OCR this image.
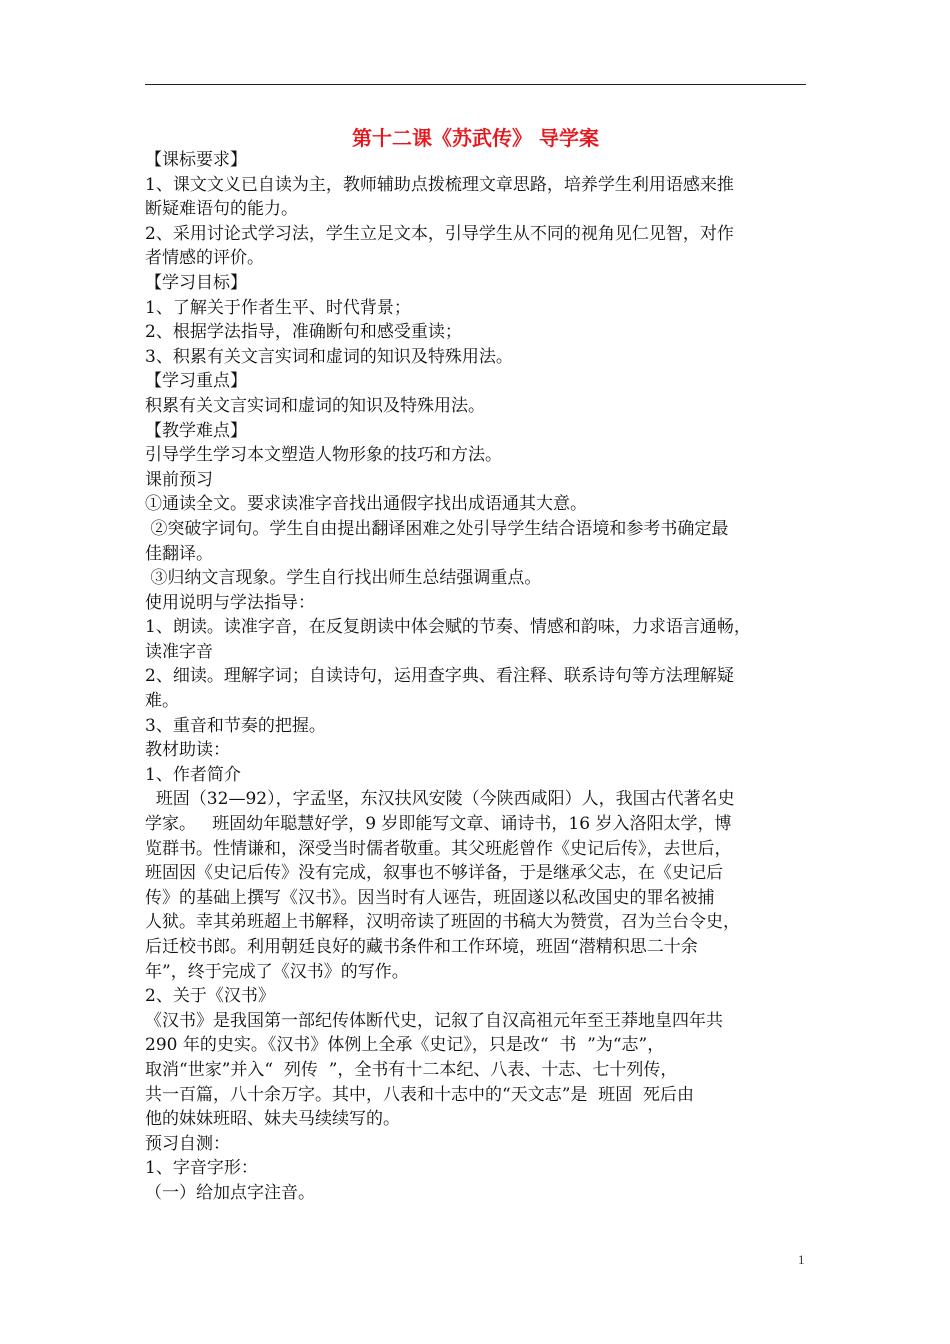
第十二课《苏武传》 导学案

【课标要求】

1、课文文义已自读为主，教师辅助点拨梳理文章思路，培养学生利用语感来推

断疑难语句的能力。

2、采用讨论式学习法，学生立足文本，引导学生从不同的视角见仁见智，对作

者情感的评价。

【学习目标】

1、了解关于作者生平、时代背景；

2、根据学法指导，准确断句和感受重读；

3、积累有关文言实词和虚词的知识及特殊用法。

【学习重点】

积累有关文言实词和虚词的知识及特殊用法。

【教学难点】

引导学生学习本文塑造人物形象的技巧和方法。

课前预习

①通读全文。要求读准字音找出通假字找出成语通其大意。

②突破字词句。学生自由提出翻译困难之处引导学生结合语境和参考书确定最

佳翻译。

③归纳文言现象。学生自行找出师生总结强调重点。

使用说明与学法指导：

1、朗读。读准字音，在反复朗读中体会赋的节奏、情感和韵味，力求语言通畅，

读准字音

2、细读。理解字词；自读诗句，运用查字典、看注释、联系诗句等方法理解疑

难。

3、重音和节奏的把握。

教材助读：

1、作者简介

班固（32—92），字孟坚，东汉扶风安陵（今陕西咸阳）人，我国古代著名史

学家。   班固幼年聪慧好学，9 岁即能写文章、诵诗书，16 岁入洛阳太学，博

览群书。性情谦和，深受当时儒者敬重。其父班彪曾作《史记后传》，去世后，

班固因《史记后传》没有完成，叙事也不够详备，于是继承父志，在《史记后

传》的基础上撰写《汉书》。因当时有人诬告，班固遂以私改国史的罪名被捕

人狱。幸其弟班超上书解释，汉明帝读了班固的书稿大为赞赏，召为兰台令史，

后迁校书郎。利用朝廷良好的藏书条件和工作环境，班固“潜精积思二十余

年”，终于完成了《汉书》的写作。

2、关于《汉书》

《汉书》是我国第一部纪传体断代史，记叙了自汉高祖元年至王莽地皇四年共

290 年的史实。《汉书》体例上全承《史记》，只是改“  书  ”为“志”，

取消“世家”并入“  列传  ”，全书有十二本纪、八表、十志、七十列传，

共一百篇，八十余万字。其中，八表和十志中的“天文志”是  班固  死后由

他的妹妹班昭、妹夫马续续写的。

预习自测：

1、字音字形：

（一）给加点字注音。

1
